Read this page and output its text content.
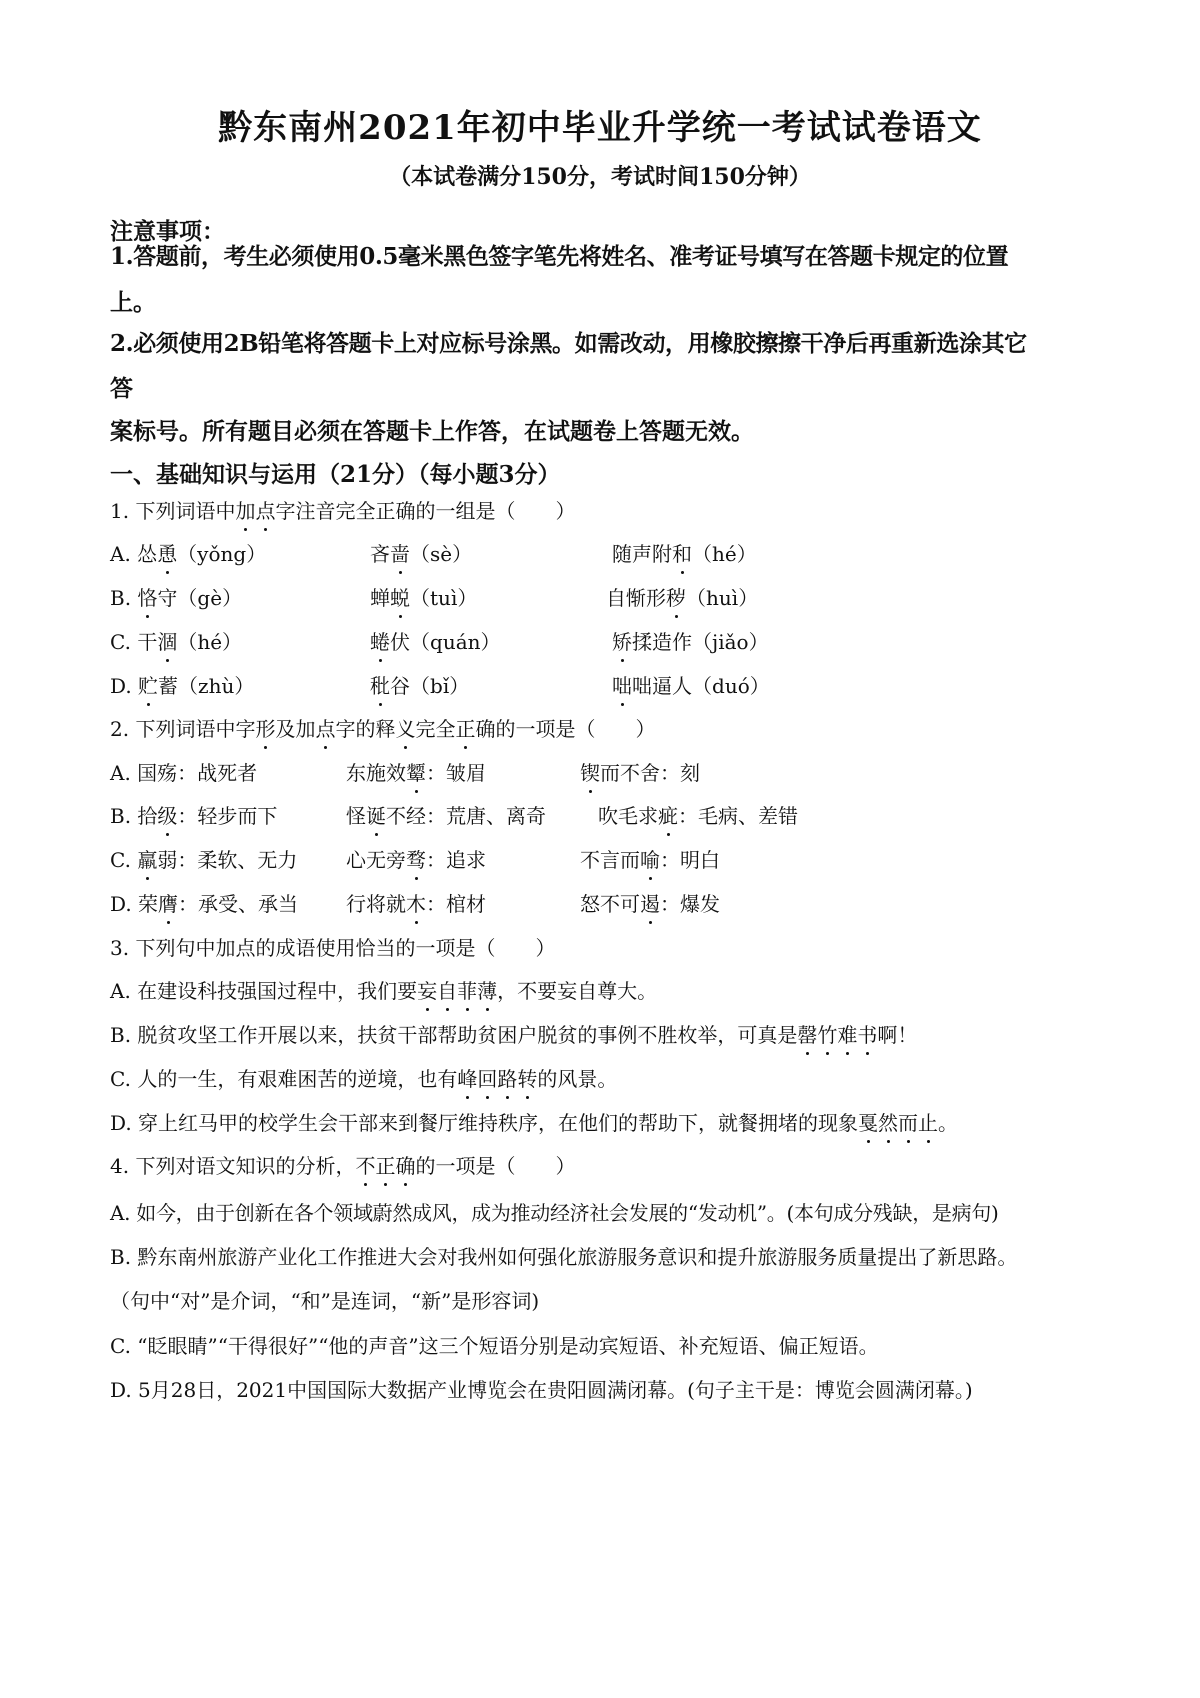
黔东南州2021年初中毕业升学统一考试试卷语文
（本试卷满分150分，考试时间150分钟）
注意事项：
1.答题前，考生必须使用0.5毫米黑色签字笔先将姓名、准考证号填写在答题卡规定的位置
上。
2.必须使用2B铅笔将答题卡上对应标号涂黑。如需改动，用橡胶擦擦干净后再重新选涂其它
答
案标号。所有题目必须在答题卡上作答，在试题卷上答题无效。
一、基础知识与运用（21分）（每小题3分）
1. 下列词语中加点字注音完全正确的一组是（　　 ）
A. 怂恿（yǒng）	吝啬（sè）	随声附和（hé）
B. 恪守（gè）	蝉蜕（tuì）	自惭形秽（huì）
C. 干涸（hé）	蜷伏（quán）	矫揉造作（jiǎo）
D. 贮蓄（zhù）	秕谷（bǐ）	咄咄逼人（duó）
2. 下列词语中字形及加点字的释义完全正确的一项是（　　 ）
A. 国殇：战死者	东施效颦：皱眉	锲而不舍：刻
B. 拾级：轻步而下	怪诞不经：荒唐、离奇	吹毛求疵：毛病、差错
C. 羸弱：柔软、无力 心无旁骛：追求	不言而喻：明白
D. 荣膺：承受、承当 行将就木：棺材	怒不可遏：爆发
3. 下列句中加点的成语使用恰当的一项是（　　）
A. 在建设科技强国过程中，我们要妄自菲薄，不要妄自尊大。
B. 脱贫攻坚工作开展以来，扶贫干部帮助贫困户脱贫的事例不胜枚举，可真是罄竹难书啊！
C. 人的一生，有艰难困苦的逆境，也有峰回路转的风景。
D. 穿上红马甲的校学生会干部来到餐厅维持秩序，在他们的帮助下，就餐拥堵的现象戛然而止。
4. 下列对语文知识的分析，不正确的一项是（　　 ）
A. 如今，由于创新在各个领域蔚然成风，成为推动经济社会发展的“发动机”。(本句成分残缺，是病句)
B. 黔东南州旅游产业化工作推进大会对我州如何强化旅游服务意识和提升旅游服务质量提出了新思路。
（句中“对”是介词，“和”是连词，“新”是形容词)
C. “眨眼睛”“干得很好”“他的声音”这三个短语分别是动宾短语、补充短语、偏正短语。
D. 5月28日，2021中国国际大数据产业博览会在贵阳圆满闭幕。(句子主干是：博览会圆满闭幕。)
